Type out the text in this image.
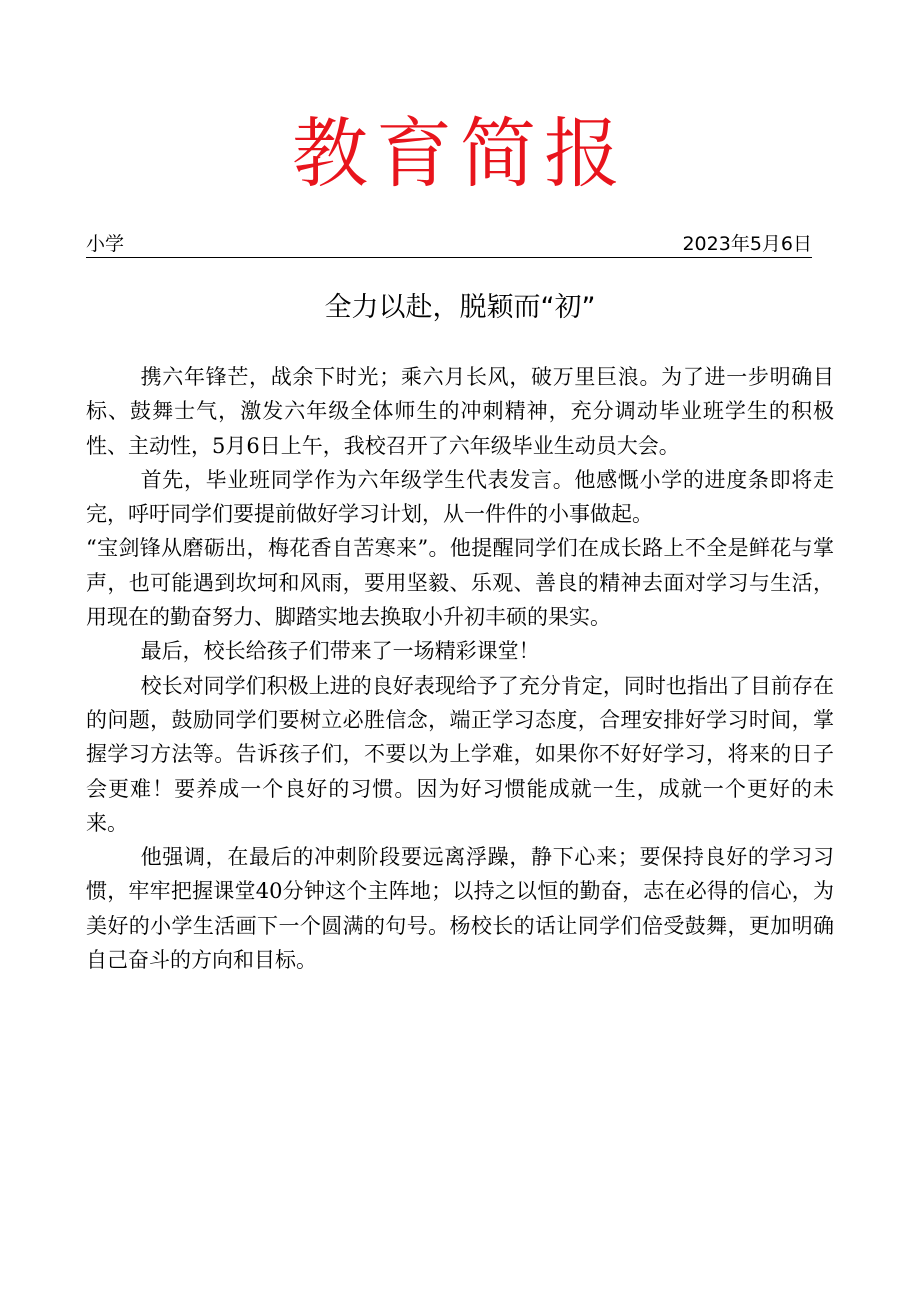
教育简报
小学	2023年5月6日
全力以赴，脱颖而“初”

携六年锋芒，战余下时光；乘六月长风，破万里巨浪。为了进一步明确目标、鼓舞士气，激发六年级全体师生的冲刺精神，充分调动毕业班学生的积极性、主动性，5月6日上午，我校召开了六年级毕业生动员大会。

首先，毕业班同学作为六年级学生代表发言。他感慨小学的进度条即将走完，呼吁同学们要提前做好学习计划，从一件件的小事做起。

“宝剑锋从磨砺出，梅花香自苦寒来”。他提醒同学们在成长路上不全是鲜花与掌声，也可能遇到坎坷和风雨，要用坚毅、乐观、善良的精神去面对学习与生活，用现在的勤奋努力、脚踏实地去换取小升初丰硕的果实。

最后，校长给孩子们带来了一场精彩课堂！

校长对同学们积极上进的良好表现给予了充分肯定，同时也指出了目前存在的问题，鼓励同学们要树立必胜信念，端正学习态度，合理安排好学习时间，掌握学习方法等。告诉孩子们，不要以为上学难，如果你不好好学习，将来的日子会更难！要养成一个良好的习惯。因为好习惯能成就一生，成就一个更好的未来。

他强调，在最后的冲刺阶段要远离浮躁，静下心来；要保持良好的学习习惯，牢牢把握课堂40分钟这个主阵地；以持之以恒的勤奋，志在必得的信心，为美好的小学生活画下一个圆满的句号。杨校长的话让同学们倍受鼓舞，更加明确自己奋斗的方向和目标。
